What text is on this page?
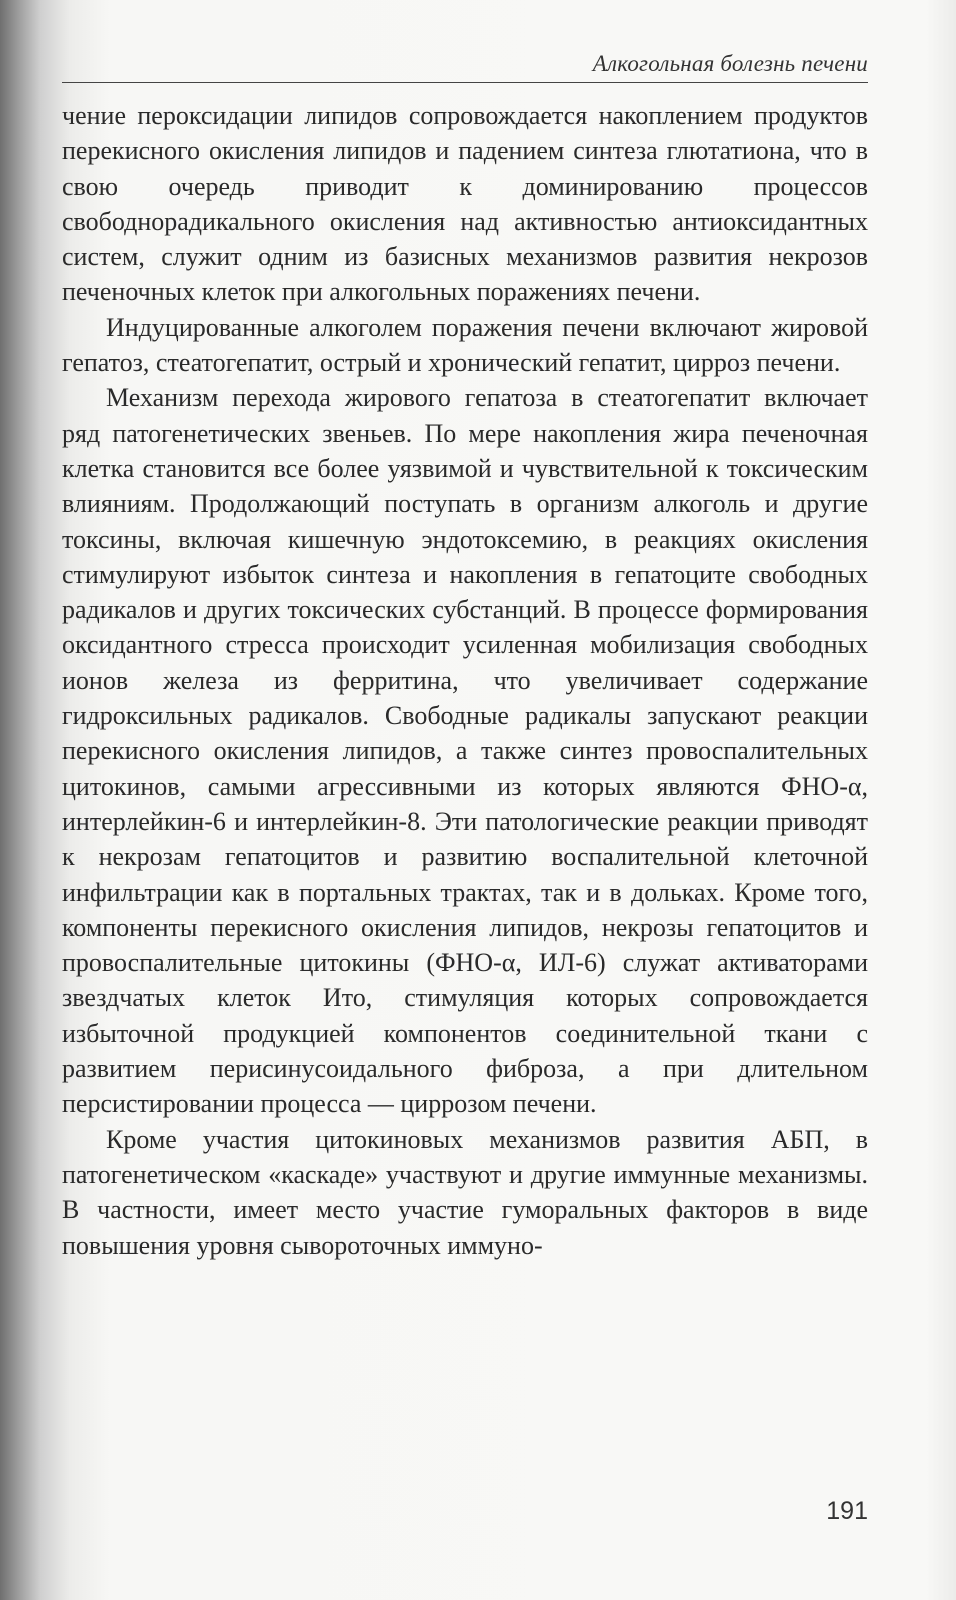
Алкогольная болезнь печени

чение пероксидации липидов сопровождается накоплением продуктов перекисного окисления липидов и падением синтеза глютатиона, что в свою очередь приводит к доминированию процессов свободнорадикального окисления над активностью антиоксидантных систем, служит одним из базисных механизмов развития некрозов печеночных клеток при алкогольных поражениях печени.

Индуцированные алкоголем поражения печени включают жировой гепатоз, стеатогепатит, острый и хронический гепатит, цирроз печени.

Механизм перехода жирового гепатоза в стеатогепатит включает ряд патогенетических звеньев. По мере накопления жира печеночная клетка становится все более уязвимой и чувствительной к токсическим влияниям. Продолжающий поступать в организм алкоголь и другие токсины, включая кишечную эндотоксемию, в реакциях окисления стимулируют избыток синтеза и накопления в гепатоците свободных радикалов и других токсических субстанций. В процессе формирования оксидантного стресса происходит усиленная мобилизация свободных ионов железа из ферритина, что увеличивает содержание гидроксильных радикалов. Свободные радикалы запускают реакции перекисного окисления липидов, а также синтез провоспалительных цитокинов, самыми агрессивными из которых являются ФНО-α, интерлейкин-6 и интерлейкин-8. Эти патологические реакции приводят к некрозам гепатоцитов и развитию воспалительной клеточной инфильтрации как в портальных трактах, так и в дольках. Кроме того, компоненты перекисного окисления липидов, некрозы гепатоцитов и провоспалительные цитокины (ФНО-α, ИЛ-6) служат активаторами звездчатых клеток Ито, стимуляция которых сопровождается избыточной продукцией компонентов соединительной ткани с развитием перисинусоидального фиброза, а при длительном персистировании процесса — циррозом печени.

Кроме участия цитокиновых механизмов развития АБП, в патогенетическом «каскаде» участвуют и другие иммунные механизмы. В частности, имеет место участие гуморальных факторов в виде повышения уровня сывороточных иммуно-

191
